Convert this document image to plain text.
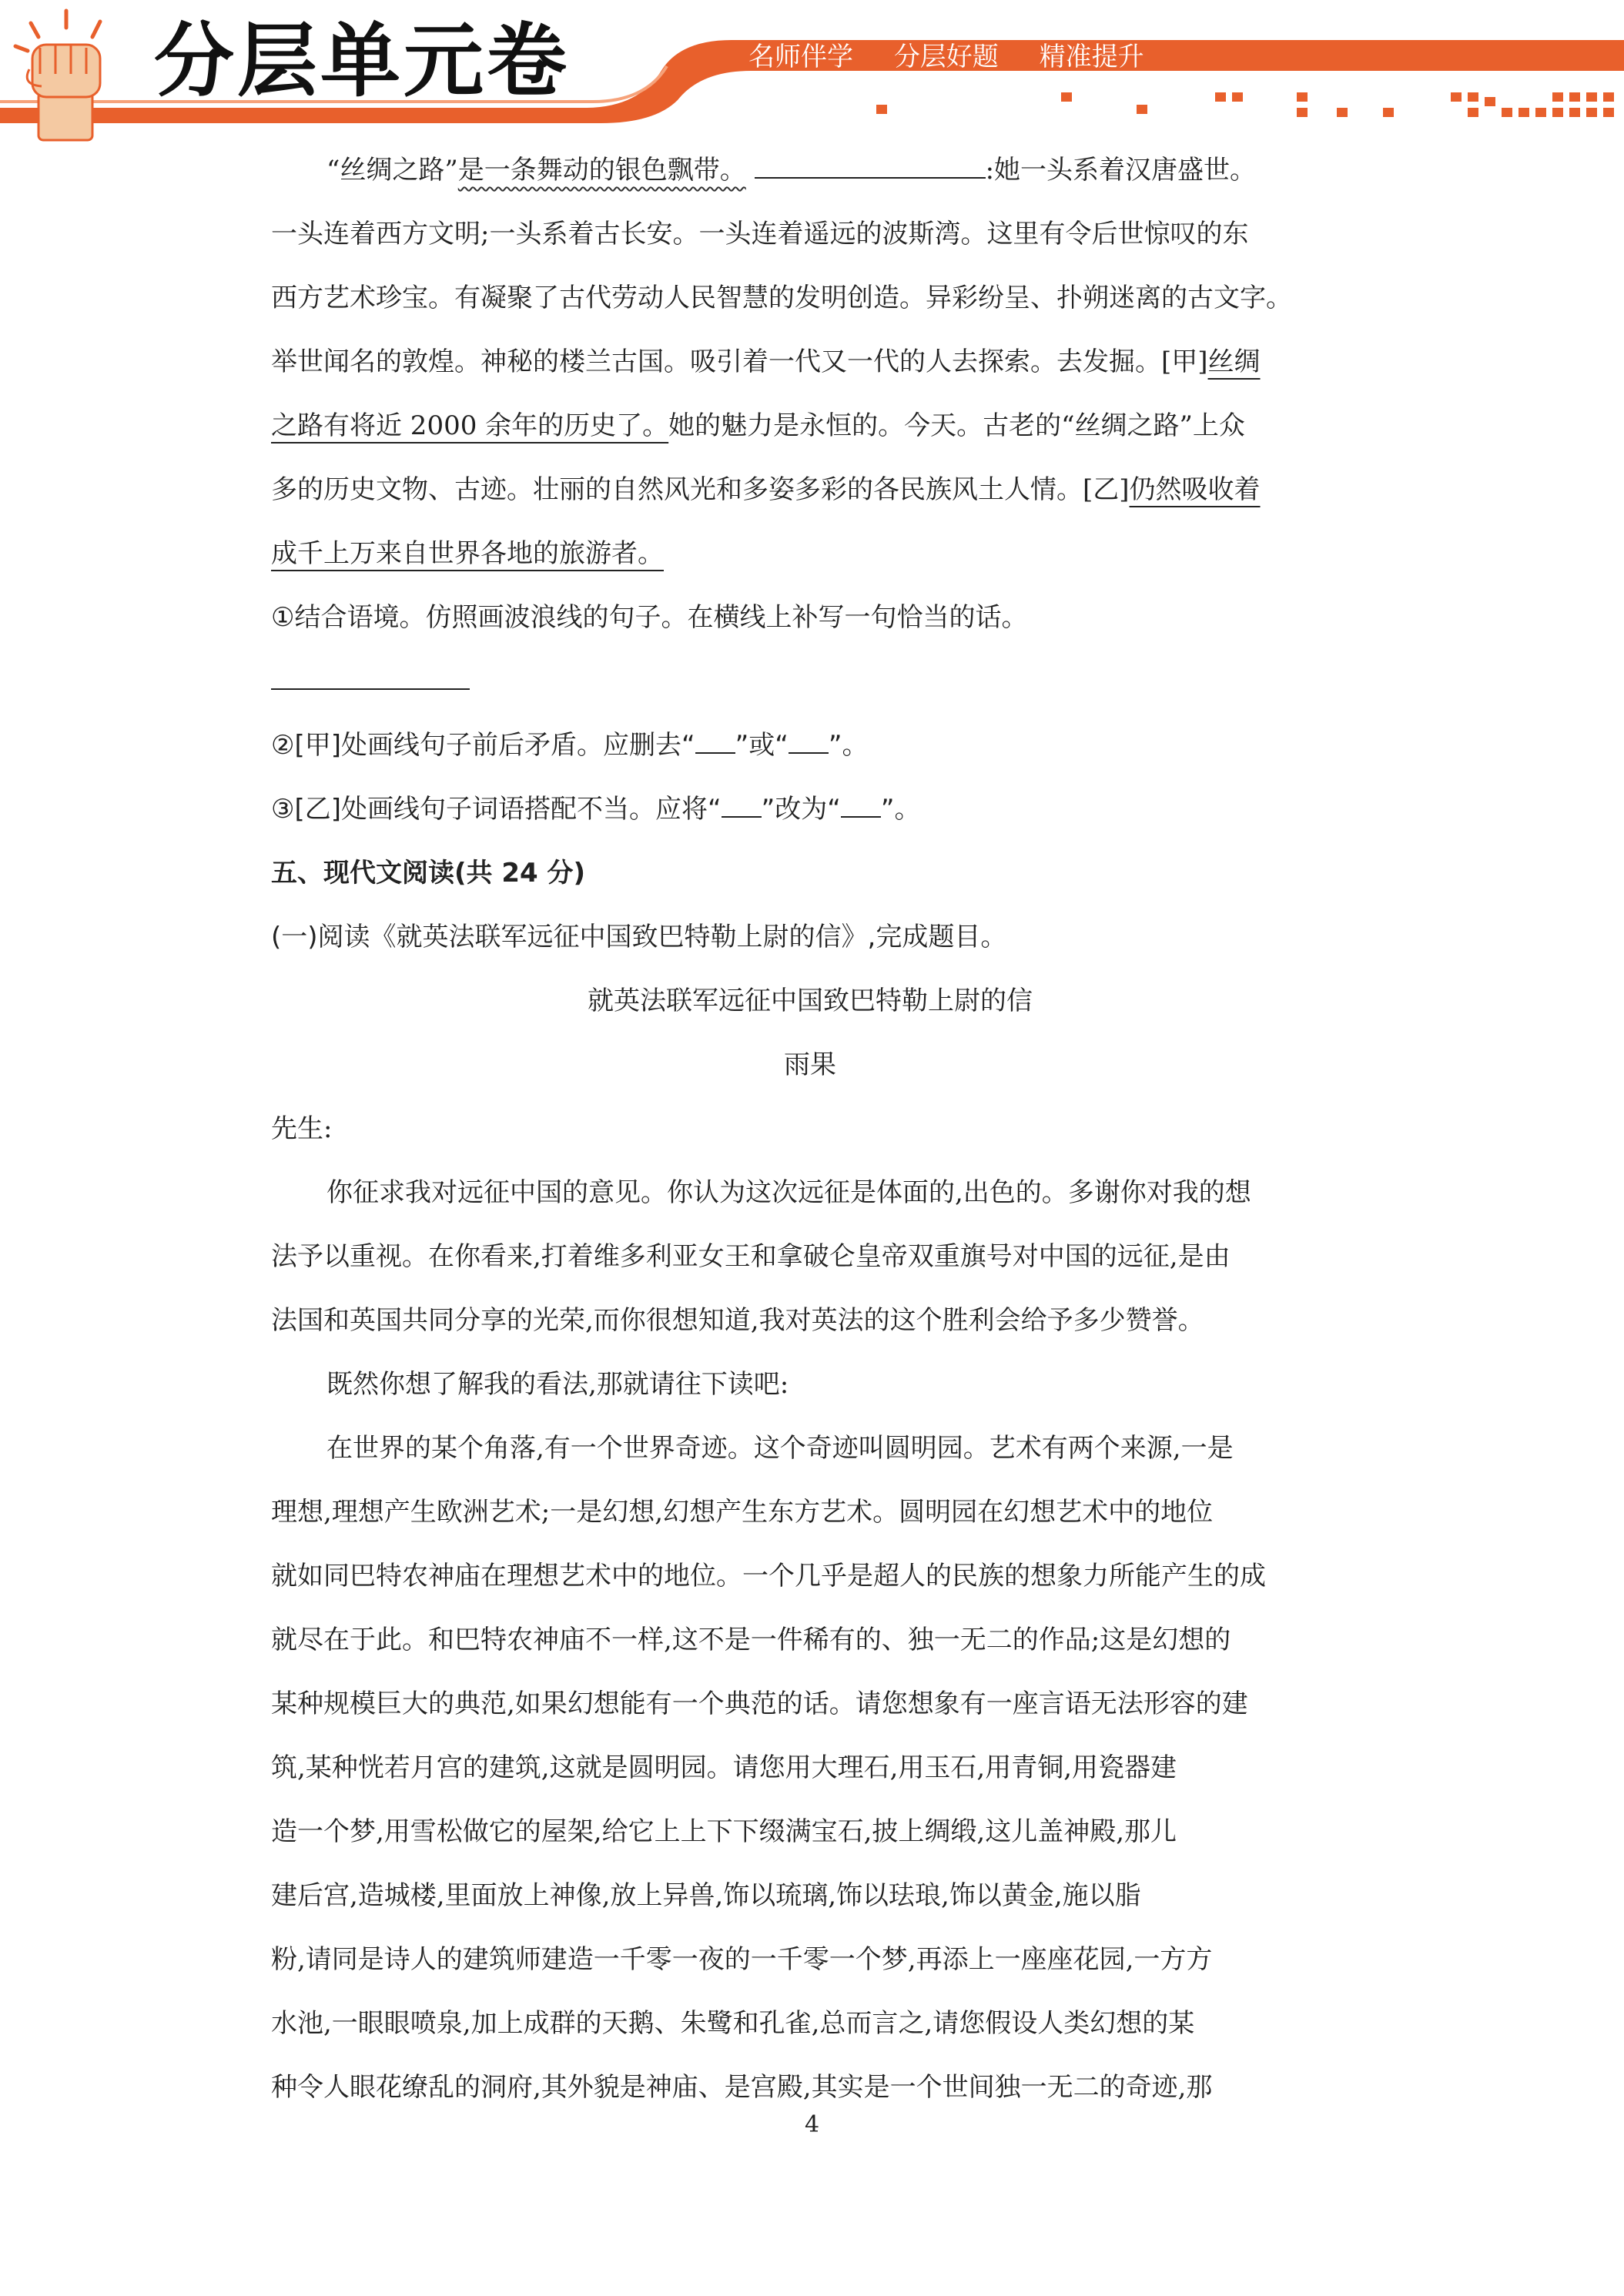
分层单元卷	名师伴学 分层好题 精准提升

“丝绸之路”是一条舞动的银色飘带。	:她一头系着汉唐盛世。

一头连着西方文明;一头系着古长安。一头连着遥远的波斯湾。这里有令后世惊叹的东

西方艺术珍宝。有凝聚了古代劳动人民智慧的发明创造。异彩纷呈、扑朔迷离的古文字。

举世闻名的敦煌。神秘的楼兰古国。吸引着一代又一代的人去探索。去发掘。[甲]丝绸

之路有将近 2000 余年的历史了。她的魅力是永恒的。今天。古老的“丝绸之路”上众

多的历史文物、古迹。壮丽的自然风光和多姿多彩的各民族风土人情。[乙]仍然吸收着

成千上万来自世界各地的旅游者。

①结合语境。仿照画波浪线的句子。在横线上补写一句恰当的话。

②[甲]处画线句子前后矛盾。应删去“ ”或“ ”。

③[乙]处画线句子词语搭配不当。应将“ ”改为“ ”。

五、现代文阅读(共 24 分)

(一)阅读《就英法联军远征中国致巴特勒上尉的信》,完成题目。

就英法联军远征中国致巴特勒上尉的信

雨果

先生:

你征求我对远征中国的意见。你认为这次远征是体面的,出色的。多谢你对我的想

法予以重视。在你看来,打着维多利亚女王和拿破仑皇帝双重旗号对中国的远征,是由

法国和英国共同分享的光荣,而你很想知道,我对英法的这个胜利会给予多少赞誉。

既然你想了解我的看法,那就请往下读吧:

在世界的某个角落,有一个世界奇迹。这个奇迹叫圆明园。艺术有两个来源,一是

理想,理想产生欧洲艺术;一是幻想,幻想产生东方艺术。圆明园在幻想艺术中的地位

就如同巴特农神庙在理想艺术中的地位。一个几乎是超人的民族的想象力所能产生的成

就尽在于此。和巴特农神庙不一样,这不是一件稀有的、独一无二的作品;这是幻想的

某种规模巨大的典范,如果幻想能有一个典范的话。请您想象有一座言语无法形容的建

筑,某种恍若月宫的建筑,这就是圆明园。请您用大理石,用玉石,用青铜,用瓷器建

造一个梦,用雪松做它的屋架,给它上上下下缀满宝石,披上绸缎,这儿盖神殿,那儿

建后宫,造城楼,里面放上神像,放上异兽,饰以琉璃,饰以珐琅,饰以黄金,施以脂

粉,请同是诗人的建筑师建造一千零一夜的一千零一个梦,再添上一座座花园,一方方

水池,一眼眼喷泉,加上成群的天鹅、朱鹭和孔雀,总而言之,请您假设人类幻想的某

种令人眼花缭乱的洞府,其外貌是神庙、是宫殿,其实是一个世间独一无二的奇迹,那

4
